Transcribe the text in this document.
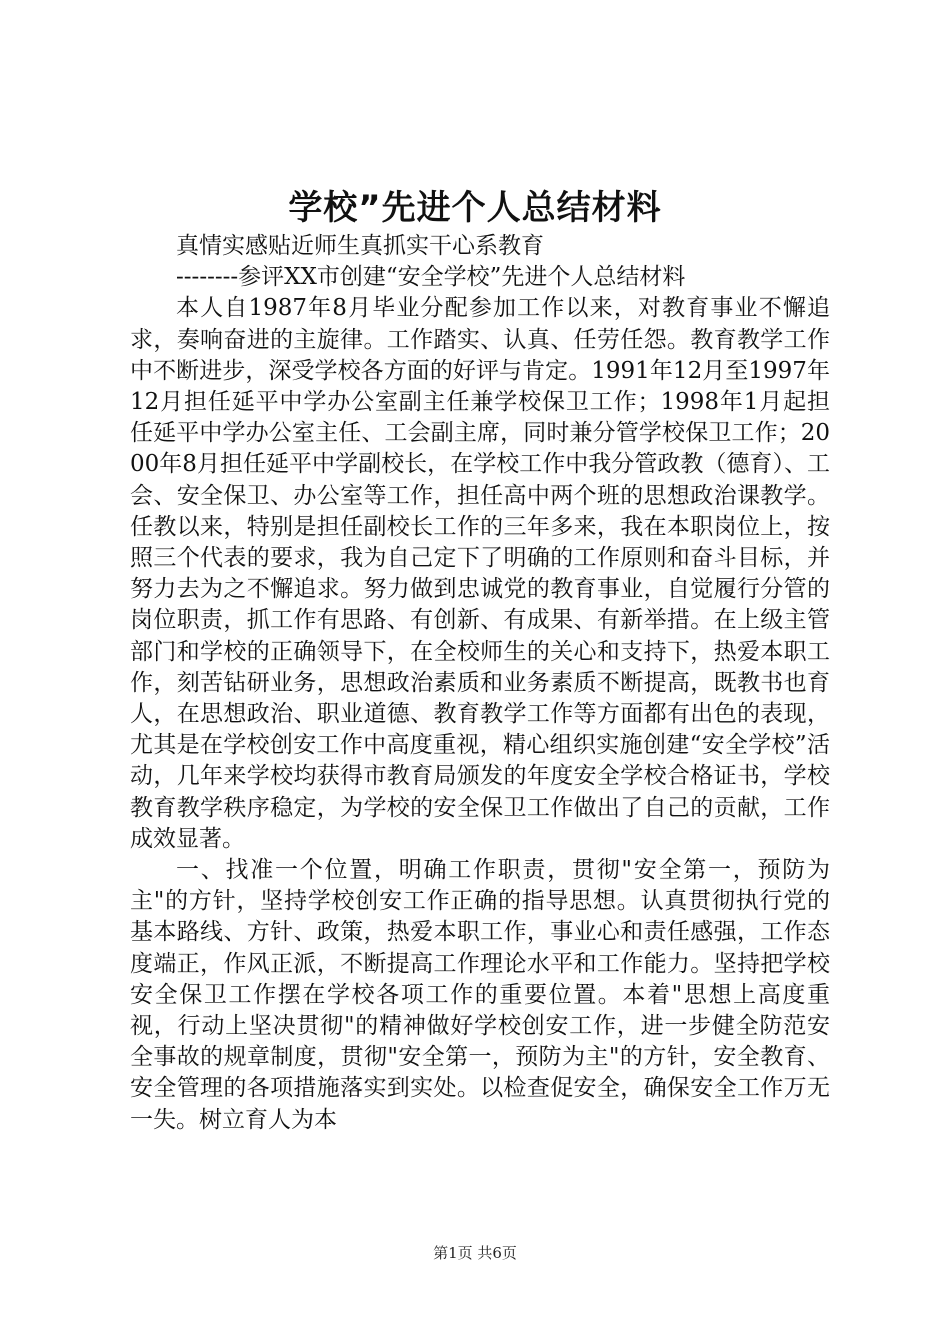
学校”先进个人总结材料

真情实感贴近师生真抓实干心系教育

--------参评XX市创建“安全学校”先进个人总结材料

本人自1987年8月毕业分配参加工作以来，对教育事业不懈追求，奏响奋进的主旋律。工作踏实、认真、任劳任怨。教育教学工作中不断进步，深受学校各方面的好评与肯定。1991年12月至1997年12月担任延平中学办公室副主任兼学校保卫工作；1998年1月起担任延平中学办公室主任、工会副主席，同时兼分管学校保卫工作；2000年8月担任延平中学副校长，在学校工作中我分管政教（德育）、工会、安全保卫、办公室等工作，担任高中两个班的思想政治课教学。任教以来，特别是担任副校长工作的三年多来，我在本职岗位上，按照三个代表的要求，我为自己定下了明确的工作原则和奋斗目标，并努力去为之不懈追求。努力做到忠诚党的教育事业，自觉履行分管的岗位职责，抓工作有思路、有创新、有成果、有新举措。在上级主管部门和学校的正确领导下，在全校师生的关心和支持下，热爱本职工作，刻苦钻研业务，思想政治素质和业务素质不断提高，既教书也育人，在思想政治、职业道德、教育教学工作等方面都有出色的表现，尤其是在学校创安工作中高度重视，精心组织实施创建“安全学校”活动，几年来学校均获得市教育局颁发的年度安全学校合格证书，学校教育教学秩序稳定，为学校的安全保卫工作做出了自己的贡献，工作成效显著。

一、找准一个位置，明确工作职责，贯彻"安全第一，预防为主"的方针，坚持学校创安工作正确的指导思想。认真贯彻执行党的基本路线、方针、政策，热爱本职工作，事业心和责任感强，工作态度端正，作风正派，不断提高工作理论水平和工作能力。坚持把学校安全保卫工作摆在学校各项工作的重要位置。本着"思想上高度重视，行动上坚决贯彻"的精神做好学校创安工作，进一步健全防范安全事故的规章制度，贯彻"安全第一，预防为主"的方针，安全教育、安全管理的各项措施落实到实处。以检查促安全，确保安全工作万无一失。树立育人为本

第1页 共6页
